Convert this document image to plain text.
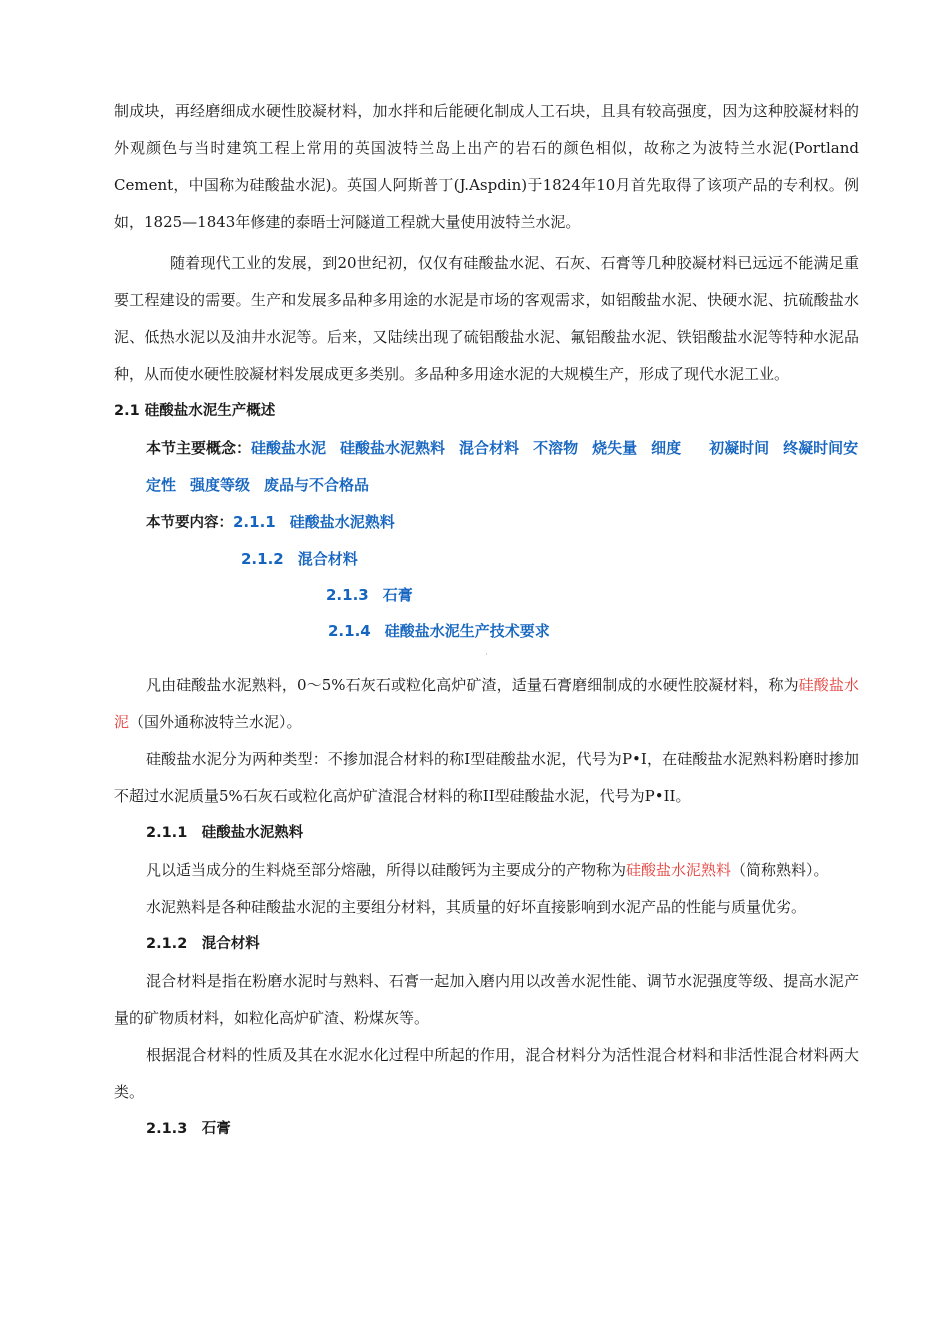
制成块，再经磨细成水硬性胶凝材料，加水拌和后能硬化制成人工石块，且具有较高强度，因为这种胶凝材料的外观颜色与当时建筑工程上常用的英国波特兰岛上出产的岩石的颜色相似，故称之为波特兰水泥(Portland Cement，中国称为硅酸盐水泥)。英国人阿斯普丁(J.Aspdin)于1824年10月首先取得了该项产品的专利权。例如，1825—1843年修建的泰晤士河隧道工程就大量使用波特兰水泥。

随着现代工业的发展，到20世纪初，仅仅有硅酸盐水泥、石灰、石膏等几种胶凝材料已远远不能满足重要工程建设的需要。生产和发展多品种多用途的水泥是市场的客观需求，如铝酸盐水泥、快硬水泥、抗硫酸盐水泥、低热水泥以及油井水泥等。后来，又陆续出现了硫铝酸盐水泥、氟铝酸盐水泥、铁铝酸盐水泥等特种水泥品种，从而使水硬性胶凝材料发展成更多类别。多品种多用途水泥的大规模生产，形成了现代水泥工业。

2.1 硅酸盐水泥生产概述

本节主要概念：硅酸盐水泥 硅酸盐水泥熟料 混合材料 不溶物 烧失量 细度 初凝时间 终凝时间安定性 强度等级 废品与不合格品

本节要内容：2.1.1 硅酸盐水泥熟料

2.1.2 混合材料

2.1.3 石膏

2.1.4 硅酸盐水泥生产技术要求

·

凡由硅酸盐水泥熟料，0～5%石灰石或粒化高炉矿渣，适量石膏磨细制成的水硬性胶凝材料，称为硅酸盐水泥（国外通称波特兰水泥）。

硅酸盐水泥分为两种类型：不掺加混合材料的称I型硅酸盐水泥，代号为P•I，在硅酸盐水泥熟料粉磨时掺加不超过水泥质量5%石灰石或粒化高炉矿渣混合材料的称II型硅酸盐水泥，代号为P•II。

2.1.1　硅酸盐水泥熟料

凡以适当成分的生料烧至部分熔融，所得以硅酸钙为主要成分的产物称为硅酸盐水泥熟料（简称熟料）。

水泥熟料是各种硅酸盐水泥的主要组分材料，其质量的好坏直接影响到水泥产品的性能与质量优劣。

2.1.2　混合材料

混合材料是指在粉磨水泥时与熟料、石膏一起加入磨内用以改善水泥性能、调节水泥强度等级、提高水泥产量的矿物质材料，如粒化高炉矿渣、粉煤灰等。

根据混合材料的性质及其在水泥水化过程中所起的作用，混合材料分为活性混合材料和非活性混合材料两大类。

2.1.3　石膏
